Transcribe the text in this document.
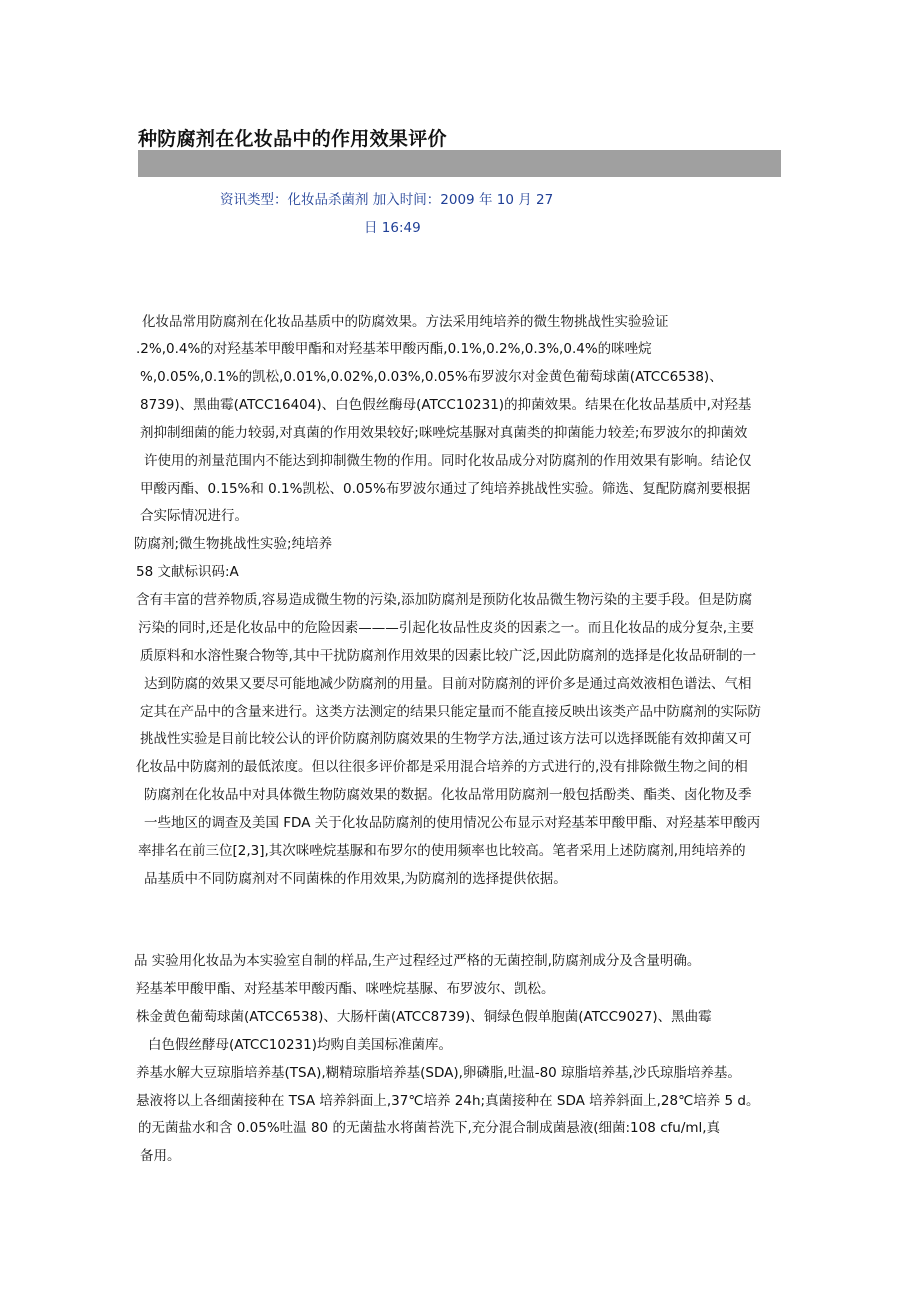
种防腐剂在化妆品中的作用效果评价
资讯类型：化妆品杀菌剂 加入时间：2009 年 10 月 27
日 16:49
化妆品常用防腐剂在化妆品基质中的防腐效果。方法采用纯培养的微生物挑战性实验验证
.2%,0.4%的对羟基苯甲酸甲酯和对羟基苯甲酸丙酯,0.1%,0.2%,0.3%,0.4%的咪唑烷
%,0.05%,0.1%的凯松,0.01%,0.02%,0.03%,0.05%布罗波尔对金黄色葡萄球菌(ATCC6538)、
8739)、黑曲霉(ATCC16404)、白色假丝酶母(ATCC10231)的抑菌效果。结果在化妆品基质中,对羟基
剂抑制细菌的能力较弱,对真菌的作用效果较好;咪唑烷基脲对真菌类的抑菌能力较差;布罗波尔的抑菌效
许使用的剂量范围内不能达到抑制微生物的作用。同时化妆品成分对防腐剂的作用效果有影响。结论仅
甲酸丙酯、0.15%和 0.1%凯松、0.05%布罗波尔通过了纯培养挑战性实验。筛选、复配防腐剂要根据
合实际情况进行。
防腐剂;微生物挑战性实验;纯培养
58 文献标识码:A
含有丰富的营养物质,容易造成微生物的污染,添加防腐剂是预防化妆品微生物污染的主要手段。但是防腐
污染的同时,还是化妆品中的危险因素———引起化妆品性皮炎的因素之一。而且化妆品的成分复杂,主要
质原料和水溶性聚合物等,其中干扰防腐剂作用效果的因素比较广泛,因此防腐剂的选择是化妆品研制的一
达到防腐的效果又要尽可能地减少防腐剂的用量。目前对防腐剂的评价多是通过高效液相色谱法、气相
定其在产品中的含量来进行。这类方法测定的结果只能定量而不能直接反映出该类产品中防腐剂的实际防
挑战性实验是目前比较公认的评价防腐剂防腐效果的生物学方法,通过该方法可以选择既能有效抑菌又可
化妆品中防腐剂的最低浓度。但以往很多评价都是采用混合培养的方式进行的,没有排除微生物之间的相
防腐剂在化妆品中对具体微生物防腐效果的数据。化妆品常用防腐剂一般包括酚类、酯类、卤化物及季
一些地区的调查及美国 FDA 关于化妆品防腐剂的使用情况公布显示对羟基苯甲酸甲酯、对羟基苯甲酸丙
率排名在前三位[2,3],其次咪唑烷基脲和布罗尔的使用频率也比较高。笔者采用上述防腐剂,用纯培养的
品基质中不同防腐剂对不同菌株的作用效果,为防腐剂的选择提供依据。
品 实验用化妆品为本实验室自制的样品,生产过程经过严格的无菌控制,防腐剂成分及含量明确。
羟基苯甲酸甲酯、对羟基苯甲酸丙酯、咪唑烷基脲、布罗波尔、凯松。
株金黄色葡萄球菌(ATCC6538)、大肠杆菌(ATCC8739)、铜绿色假单胞菌(ATCC9027)、黑曲霉
白色假丝酵母(ATCC10231)均购自美国标准菌库。
养基水解大豆琼脂培养基(TSA),糊精琼脂培养基(SDA),卵磷脂,吐温-80 琼脂培养基,沙氏琼脂培养基。
悬液将以上各细菌接种在 TSA 培养斜面上,37℃培养 24h;真菌接种在 SDA 培养斜面上,28℃培养 5 d。
的无菌盐水和含 0.05%吐温 80 的无菌盐水将菌苔洗下,充分混合制成菌悬液(细菌:108 cfu/ml,真
备用。
